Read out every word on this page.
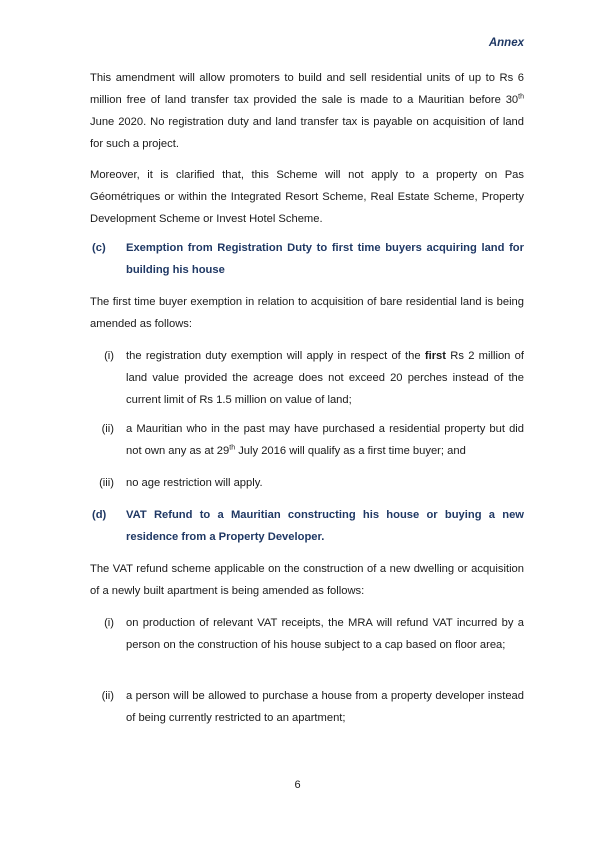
Annex

This amendment will allow promoters to build and sell residential units of up to Rs 6 million free of land transfer tax provided the sale is made to a Mauritian before 30th June 2020. No registration duty and land transfer tax is payable on acquisition of land for such a project.

Moreover, it is clarified that, this Scheme will not apply to a property on Pas Géométriques or within the Integrated Resort Scheme, Real Estate Scheme, Property Development Scheme or Invest Hotel Scheme.

(c) Exemption from Registration Duty to first time buyers acquiring land for building his house

The first time buyer exemption in relation to acquisition of bare residential land is being amended as follows:

(i) the registration duty exemption will apply in respect of the first Rs 2 million of land value provided the acreage does not exceed 20 perches instead of the current limit of Rs 1.5 million on value of land;
(ii) a Mauritian who in the past may have purchased a residential property but did not own any as at 29th July 2016 will qualify as a first time buyer; and
(iii) no age restriction will apply.
(d) VAT Refund to a Mauritian constructing his house or buying a new residence from a Property Developer.

The VAT refund scheme applicable on the construction of a new dwelling or acquisition of a newly built apartment is being amended as follows:

(i) on production of relevant VAT receipts, the MRA will refund VAT incurred by a person on the construction of his house subject to a cap based on floor area;
(ii) a person will be allowed to purchase a house from a property developer instead of being currently restricted to an apartment;
6
